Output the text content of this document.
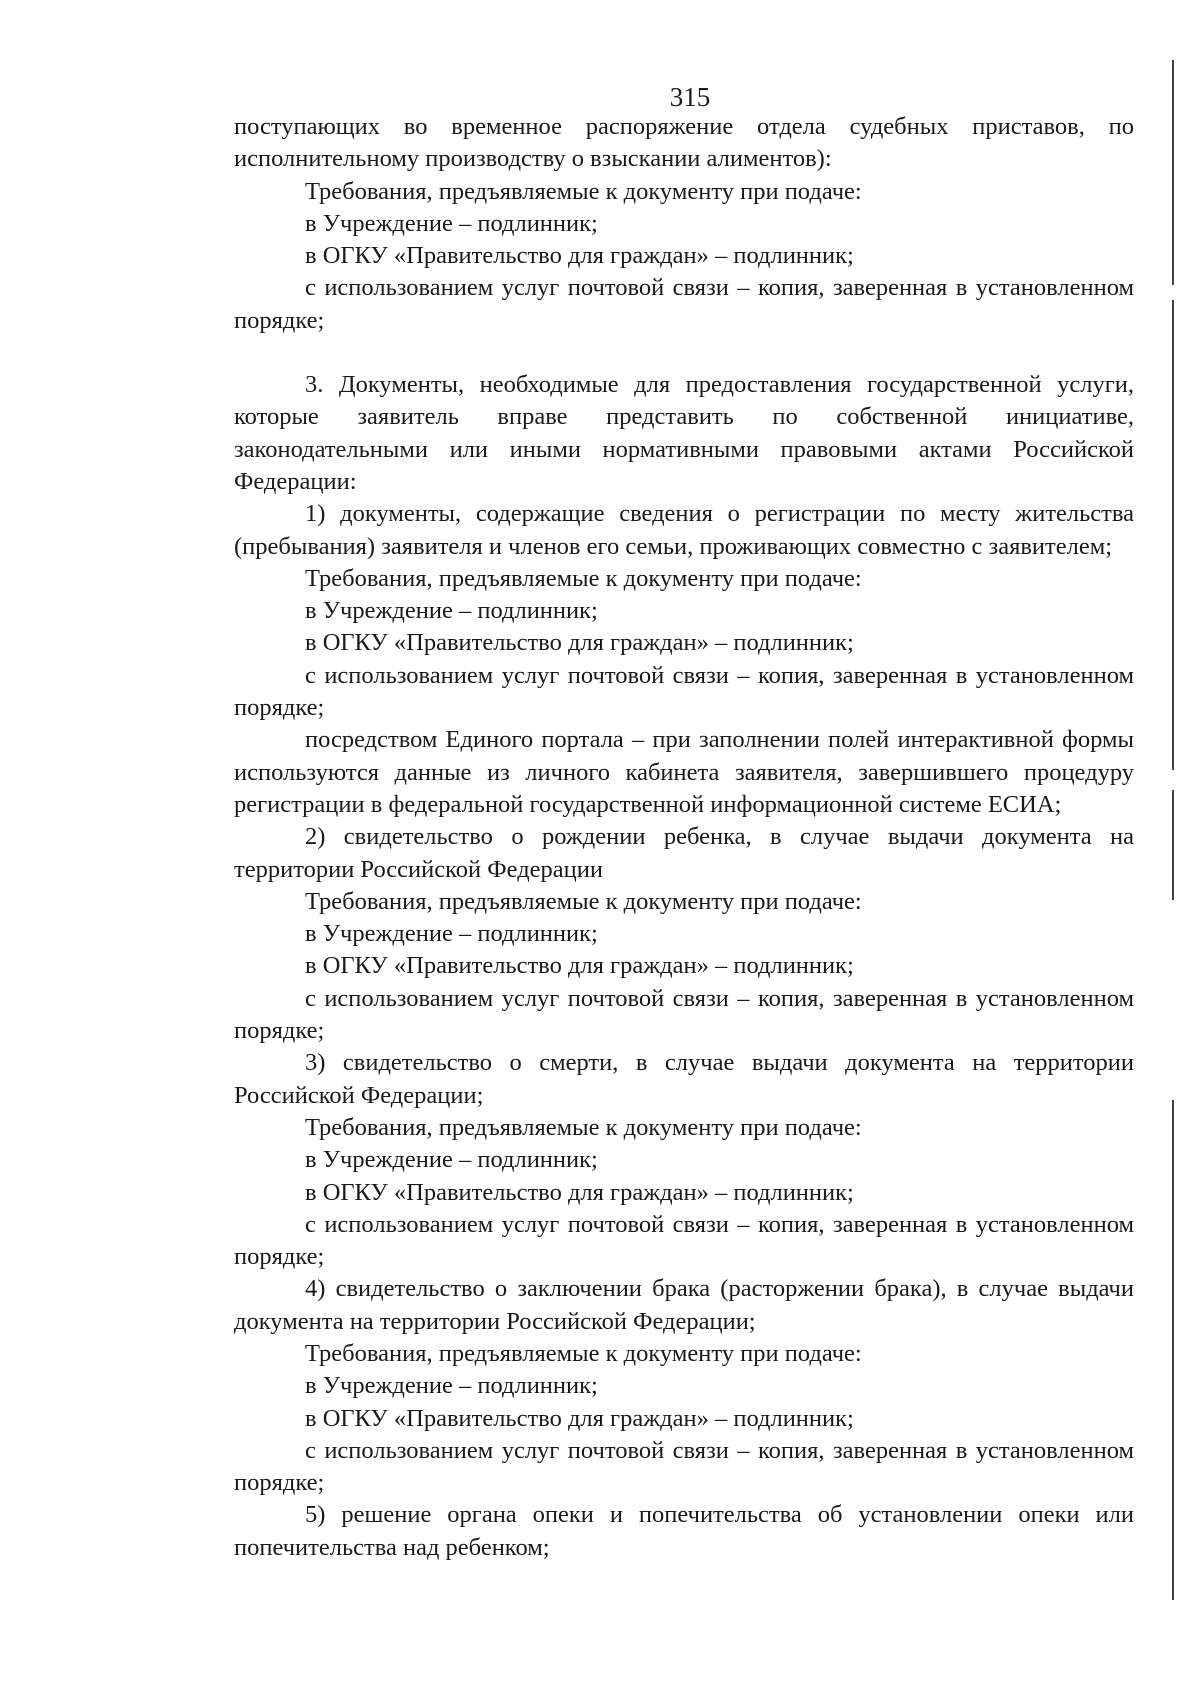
315

поступающих во временное распоряжение отдела судебных приставов, по исполнительному производству о взыскании алиментов):

Требования, предъявляемые к документу при подаче:

в Учреждение – подлинник;

в ОГКУ «Правительство для граждан» – подлинник;

с использованием услуг почтовой связи – копия, заверенная в установленном порядке;

3. Документы, необходимые для предоставления государственной услуги, которые заявитель вправе представить по собственной инициативе, законодательными или иными нормативными правовыми актами Российской Федерации:

1) документы, содержащие сведения о регистрации по месту жительства (пребывания) заявителя и членов его семьи, проживающих совместно с заявителем;

Требования, предъявляемые к документу при подаче:

в Учреждение – подлинник;

в ОГКУ «Правительство для граждан» – подлинник;

с использованием услуг почтовой связи – копия, заверенная в установленном порядке;

посредством Единого портала – при заполнении полей интерактивной формы используются данные из личного кабинета заявителя, завершившего процедуру регистрации в федеральной государственной информационной системе ЕСИА;

2) свидетельство о рождении ребенка, в случае выдачи документа на территории Российской Федерации

Требования, предъявляемые к документу при подаче:

в Учреждение – подлинник;

в ОГКУ «Правительство для граждан» – подлинник;

с использованием услуг почтовой связи – копия, заверенная в установленном порядке;

3) свидетельство о смерти, в случае выдачи документа на территории Российской Федерации;

Требования, предъявляемые к документу при подаче:

в Учреждение – подлинник;

в ОГКУ «Правительство для граждан» – подлинник;

с использованием услуг почтовой связи – копия, заверенная в установленном порядке;

4) свидетельство о заключении брака (расторжении брака), в случае выдачи документа на территории Российской Федерации;

Требования, предъявляемые к документу при подаче:

в Учреждение – подлинник;

в ОГКУ «Правительство для граждан» – подлинник;

с использованием услуг почтовой связи – копия, заверенная в установленном порядке;

5) решение органа опеки и попечительства об установлении опеки или попечительства над ребенком;
